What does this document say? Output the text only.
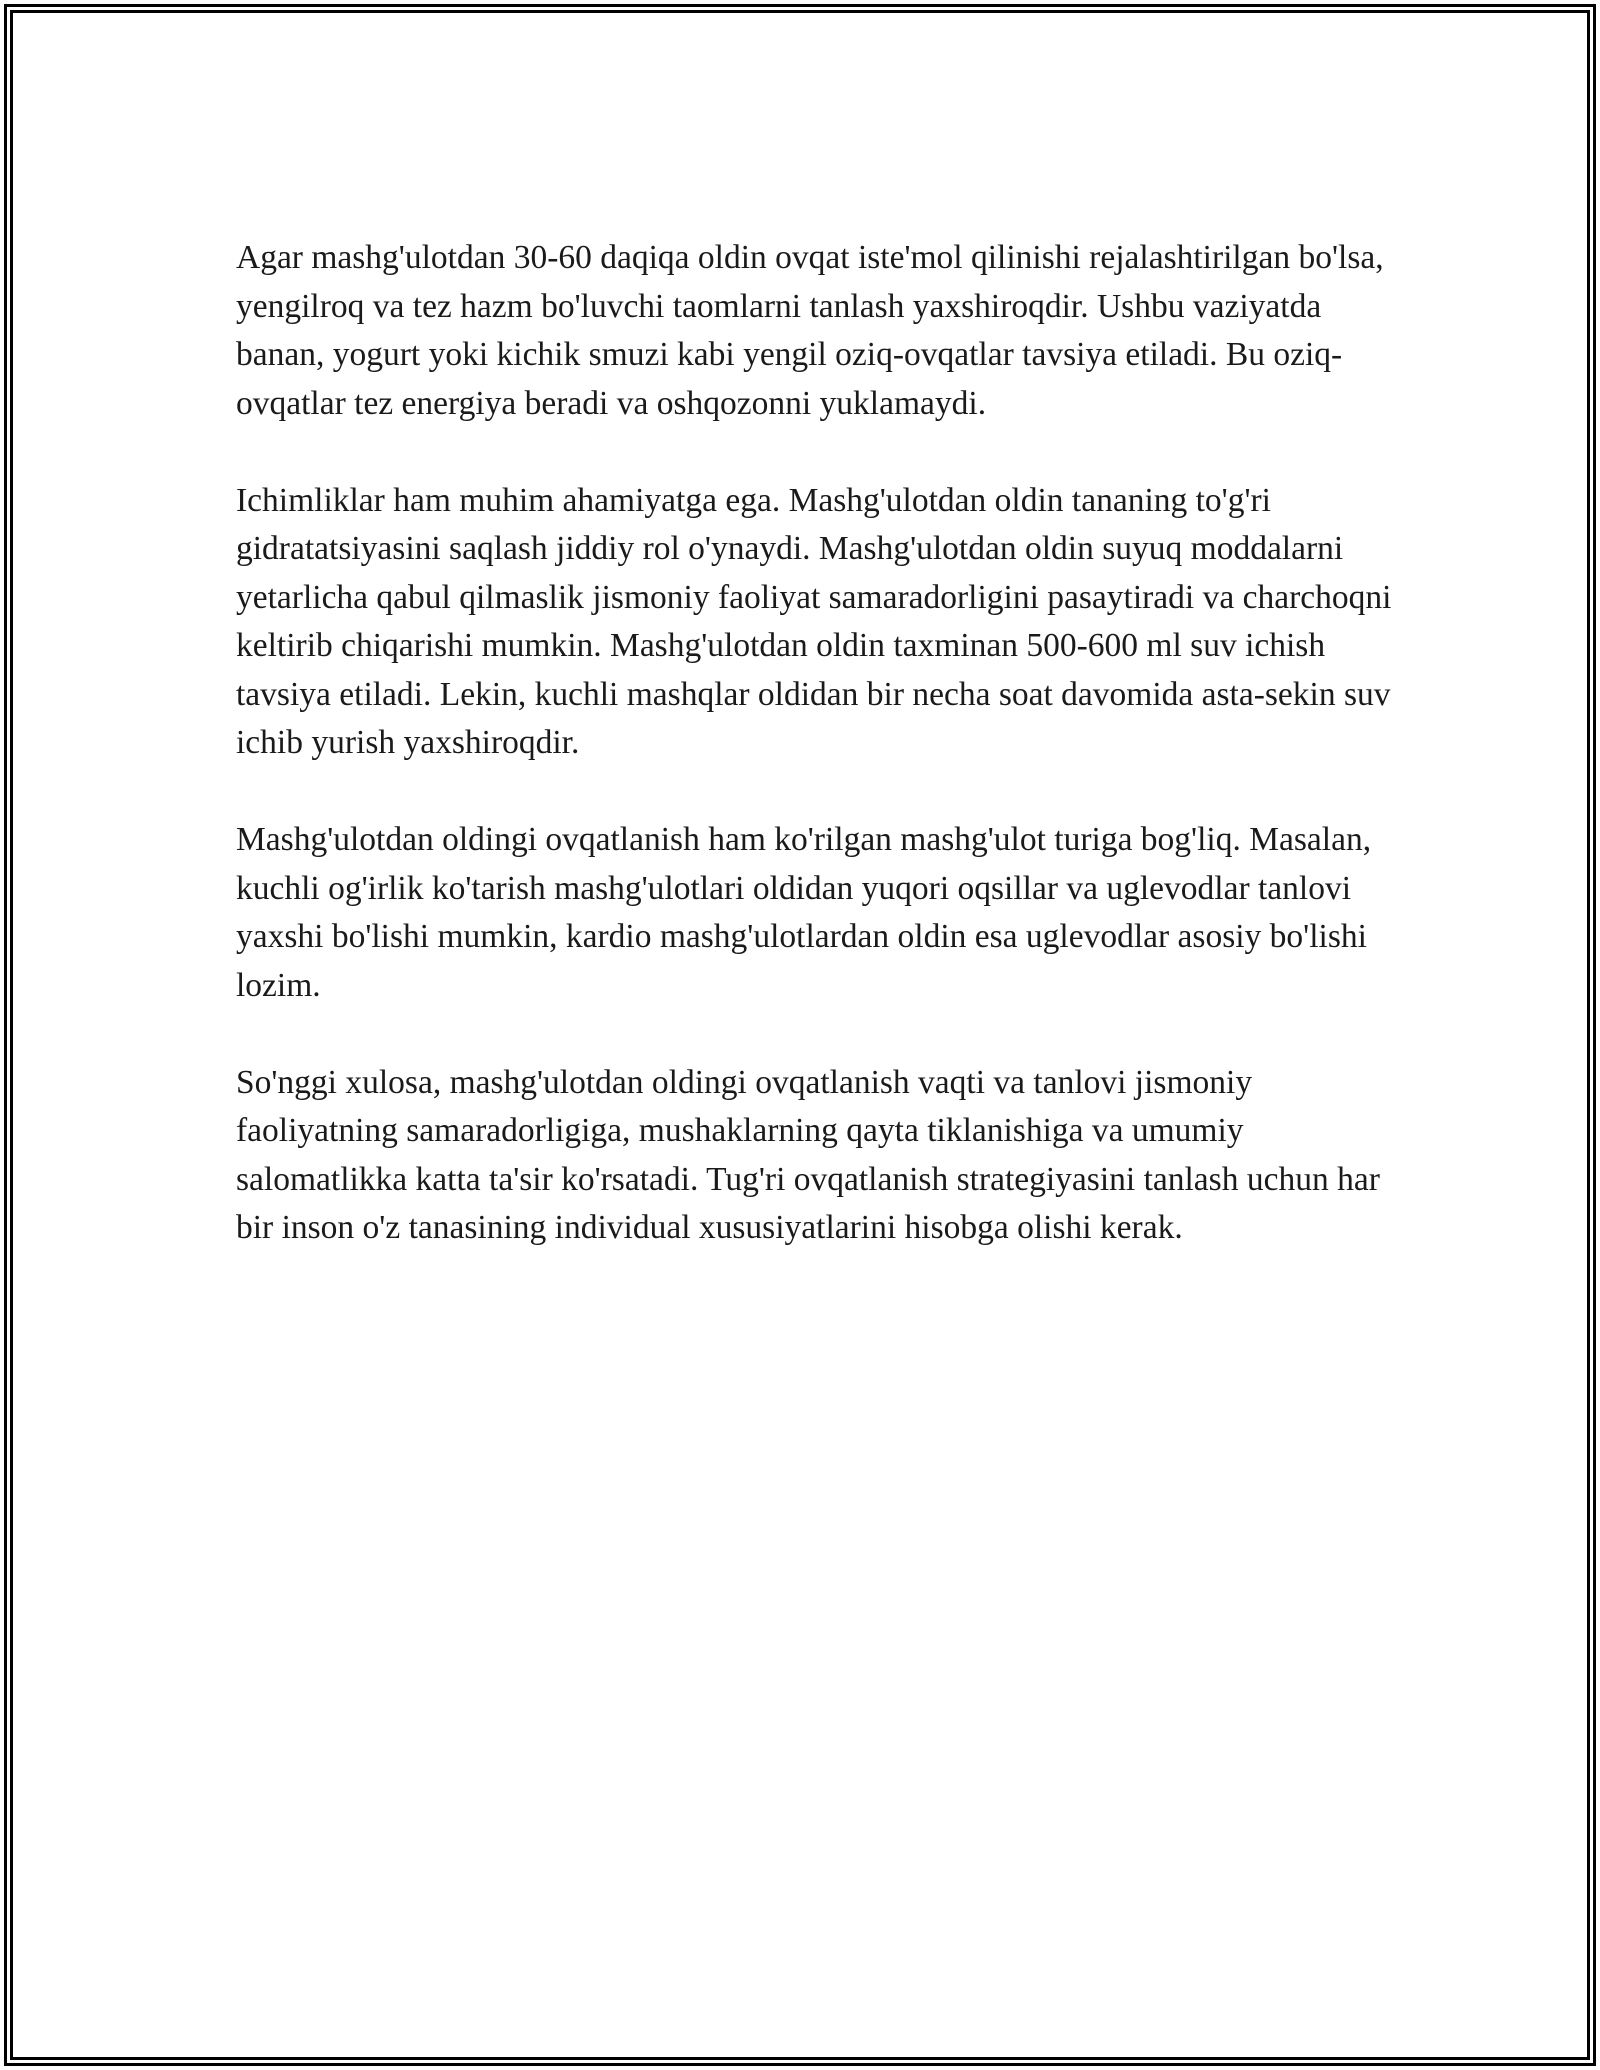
Agar mashg'ulotdan 30-60 daqiqa oldin ovqat iste'mol qilinishi rejalashtirilgan bo'lsa, yengilroq va tez hazm bo'luvchi taomlarni tanlash yaxshiroqdir. Ushbu vaziyatda banan, yogurt yoki kichik smuzi kabi yengil oziq-ovqatlar tavsiya etiladi. Bu oziq-ovqatlar tez energiya beradi va oshqozonni yuklamaydi.

Ichimliklar ham muhim ahamiyatga ega. Mashg'ulotdan oldin tananing to'g'ri gidratatsiyasini saqlash jiddiy rol o'ynaydi. Mashg'ulotdan oldin suyuq moddalarni yetarlicha qabul qilmaslik jismoniy faoliyat samaradorligini pasaytiradi va charchoqni keltirib chiqarishi mumkin. Mashg'ulotdan oldin taxminan 500-600 ml suv ichish tavsiya etiladi. Lekin, kuchli mashqlar oldidan bir necha soat davomida asta-sekin suv ichib yurish yaxshiroqdir.

Mashg'ulotdan oldingi ovqatlanish ham ko'rilgan mashg'ulot turiga bog'liq. Masalan, kuchli og'irlik ko'tarish mashg'ulotlari oldidan yuqori oqsillar va uglevodlar tanlovi yaxshi bo'lishi mumkin, kardio mashg'ulotlardan oldin esa uglevodlar asosiy bo'lishi lozim.

So'nggi xulosa, mashg'ulotdan oldingi ovqatlanish vaqti va tanlovi jismoniy faoliyatning samaradorligiga, mushaklarning qayta tiklanishiga va umumiy salomatlikka katta ta'sir ko'rsatadi. Tug'ri ovqatlanish strategiyasini tanlash uchun har bir inson o'z tanasining individual xususiyatlarini hisobga olishi kerak.
